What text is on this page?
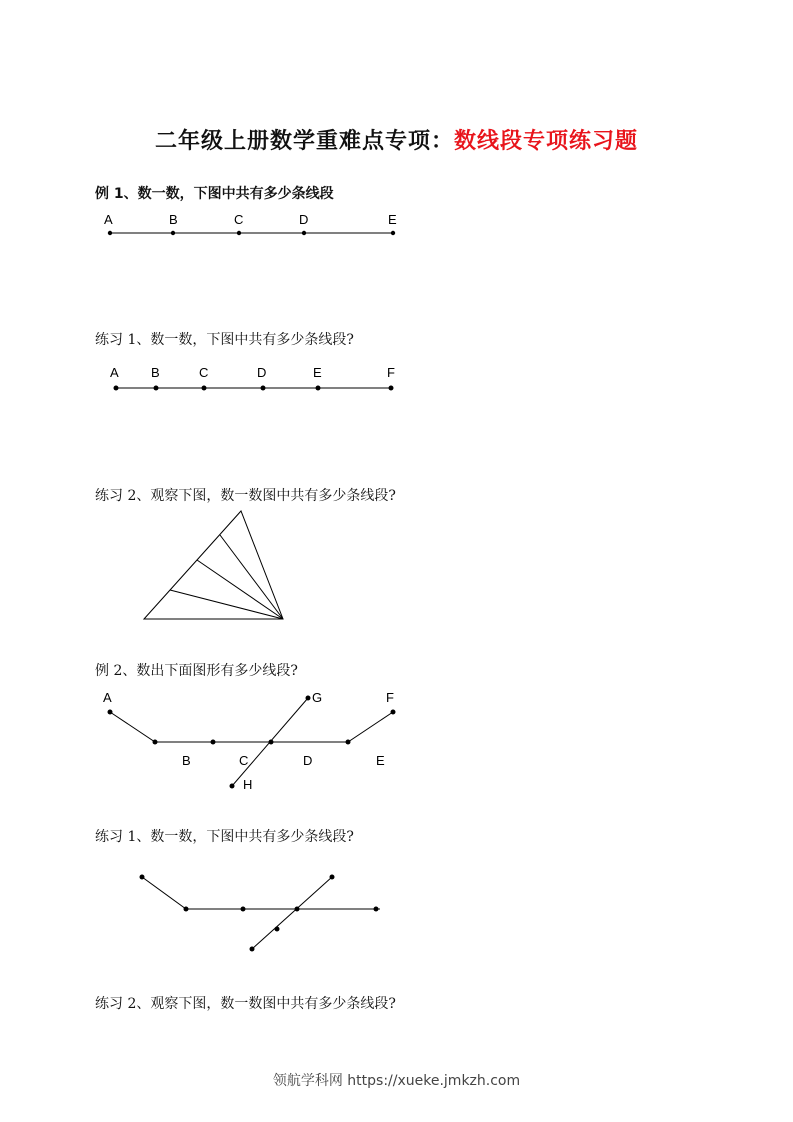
二年级上册数学重难点专项：数线段专项练习题
例 1、数一数，下图中共有多少条线段
A	B	C	D	E
练习 1、数一数，下图中共有多少条线段?
A B	C	D	E	F
练习 2、观察下图，数一数图中共有多少条线段?
例 2、数出下面图形有多少线段?
A	G	F
B	C	D	E
H
练习 1、数一数，下图中共有多少条线段?
练习 2、观察下图，数一数图中共有多少条线段?
领航学科网 https://xueke.jmkzh.com
